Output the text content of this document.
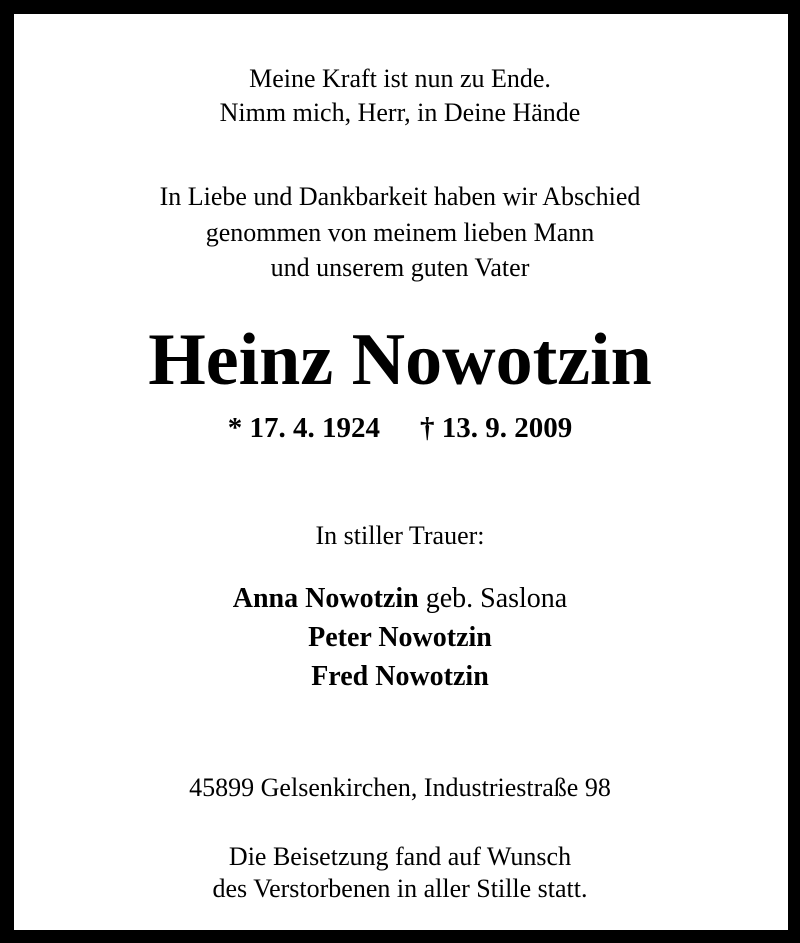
Meine Kraft ist nun zu Ende.
Nimm mich, Herr, in Deine Hände
In Liebe und Dankbarkeit haben wir Abschied
genommen von meinem lieben Mann
und unserem guten Vater
Heinz Nowotzin
* 17. 4. 1924 † 13. 9. 2009
In stiller Trauer:
Anna Nowotzin geb. Saslona
Peter Nowotzin
Fred Nowotzin
45899 Gelsenkirchen, Industriestraße 98
Die Beisetzung fand auf Wunsch
des Verstorbenen in aller Stille statt.
